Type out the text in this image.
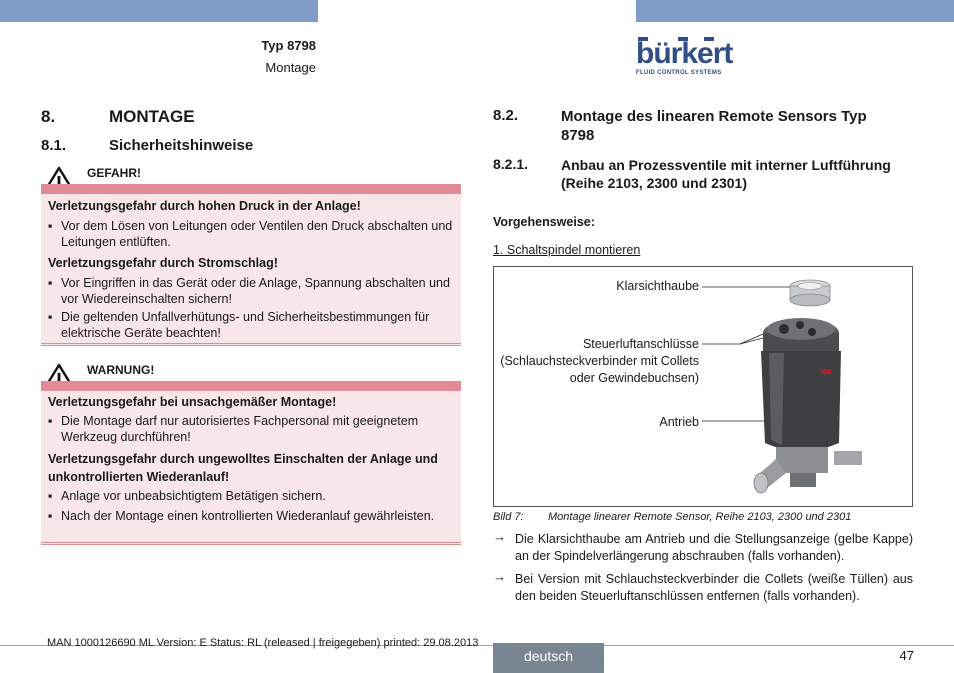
Typ 8798
Montage	bürkert
FLUID CONTROL SYSTEMS
8.	MONTAGE
8.1.	Sicherheitshinweise
GEFAHR!
Verletzungsgefahr durch hohen Druck in der Anlage!
▪ Vor dem Lösen von Leitungen oder Ventilen den Druck abschalten und Leitungen entlüften.
Verletzungsgefahr durch Stromschlag!
▪ Vor Eingriffen in das Gerät oder die Anlage, Spannung abschalten und vor Wiedereinschalten sichern!
▪ Die geltenden Unfallverhütungs- und Sicherheitsbestimmungen für elektrische Geräte beachten!
WARNUNG!
Verletzungsgefahr bei unsachgemäßer Montage!
▪ Die Montage darf nur autorisiertes Fachpersonal mit geeignetem Werkzeug durchführen!
Verletzungsgefahr durch ungewolltes Einschalten der Anlage und unkontrollierten Wiederanlauf!
▪ Anlage vor unbeabsichtigtem Betätigen sichern.
▪ Nach der Montage einen kontrollierten Wiederanlauf gewährleisten.
8.2.	Montage des linearen Remote Sensors Typ 8798
8.2.1. Anbau an Prozessventile mit interner Luftführung (Reihe 2103, 2300 und 2301)
Vorgehensweise:
1. Schaltspindel montieren
Klarsichthaube
Steuerluftanschlüsse (Schlauchsteckverbinder mit Collets oder Gewindebuchsen)
Antrieb
Bild 7: Montage linearer Remote Sensor, Reihe 2103, 2300 und 2301
→ Die Klarsichthaube am Antrieb und die Stellungsanzeige (gelbe Kappe) an der Spindelverlängerung abschrauben (falls vorhanden).
→ Bei Version mit Schlauchsteckverbinder die Collets (weiße Tüllen) aus den beiden Steuerluftanschlüssen entfernen (falls vorhanden).
MAN 1000126690 ML Version: E Status: RL (released | freigegeben) printed: 29.08.2013
deutsch	47
